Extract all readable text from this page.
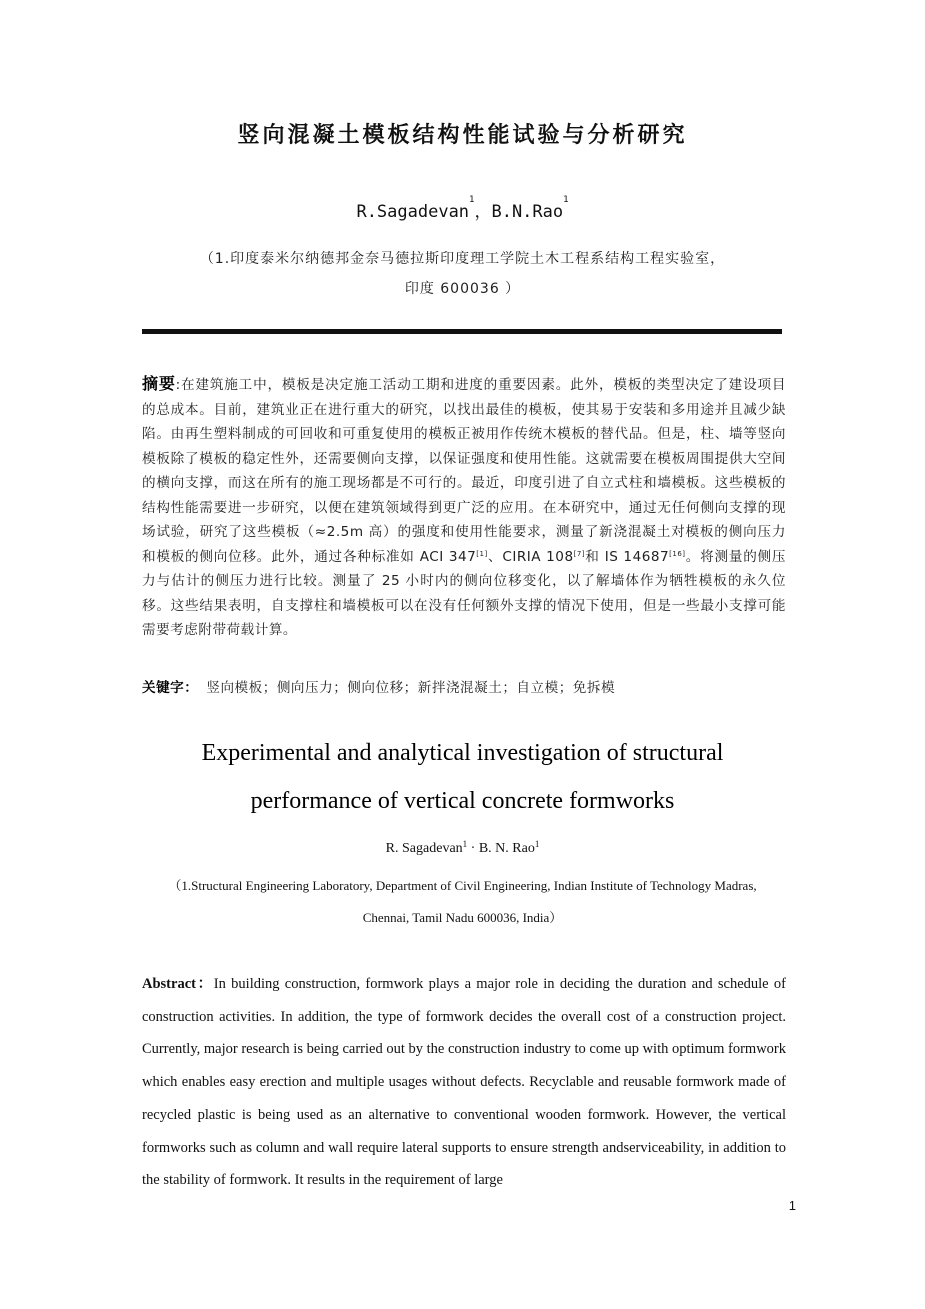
竖向混凝土模板结构性能试验与分析研究
R.Sagadevan$^1$，B.N.Rao$^1$
（1.印度泰米尔纳德邦金奈马德拉斯印度理工学院土木工程系结构工程实验室，
印度 600036 ）
摘要:在建筑施工中，模板是决定施工活动工期和进度的重要因素。此外，模板的类型决定了建设项目的总成本。目前，建筑业正在进行重大的研究，以找出最佳的模板，使其易于安装和多用途并且减少缺陷。由再生塑料制成的可回收和可重复使用的模板正被用作传统木模板的替代品。但是，柱、墙等竖向模板除了模板的稳定性外，还需要侧向支撑，以保证强度和使用性能。这就需要在模板周围提供大空间的横向支撑，而这在所有的施工现场都是不可行的。最近，印度引进了自立式柱和墙模板。这些模板的结构性能需要进一步研究，以便在建筑领域得到更广泛的应用。在本研究中，通过无任何侧向支撑的现场试验，研究了这些模板（≈2.5m 高）的强度和使用性能要求，测量了新浇混凝土对模板的侧向压力和模板的侧向位移。此外，通过各种标准如 ACI 347[1]、CIRIA 108[7]和 IS 14687[16]。将测量的侧压力与估计的侧压力进行比较。测量了 25 小时内的侧向位移变化，以了解墙体作为牺牲模板的永久位移。这些结果表明，自支撑柱和墙模板可以在没有任何额外支撑的情况下使用，但是一些最小支撑可能需要考虑附带荷载计算。
关键字： 竖向模板；侧向压力；侧向位移；新拌浇混凝土；自立模；免拆模
Experimental and analytical investigation of structural
performance of vertical concrete formworks
R. Sagadevan$^1$ · B. N. Rao$^1$
（1.Structural Engineering Laboratory, Department of Civil Engineering, Indian Institute of Technology Madras,
Chennai, Tamil Nadu 600036, India）
Abstract：In building construction, formwork plays a major role in deciding the duration and schedule of construction activities. In addition, the type of formwork decides the overall cost of a construction project. Currently, major research is being carried out by the construction industry to come up with optimum formwork which enables easy erection and multiple usages without defects. Recyclable and reusable formwork made of recycled plastic is being used as an alternative to conventional wooden formwork. However, the vertical formworks such as column and wall require lateral supports to ensure strength andserviceability, in addition to the stability of formwork. It results in the requirement of large
1
